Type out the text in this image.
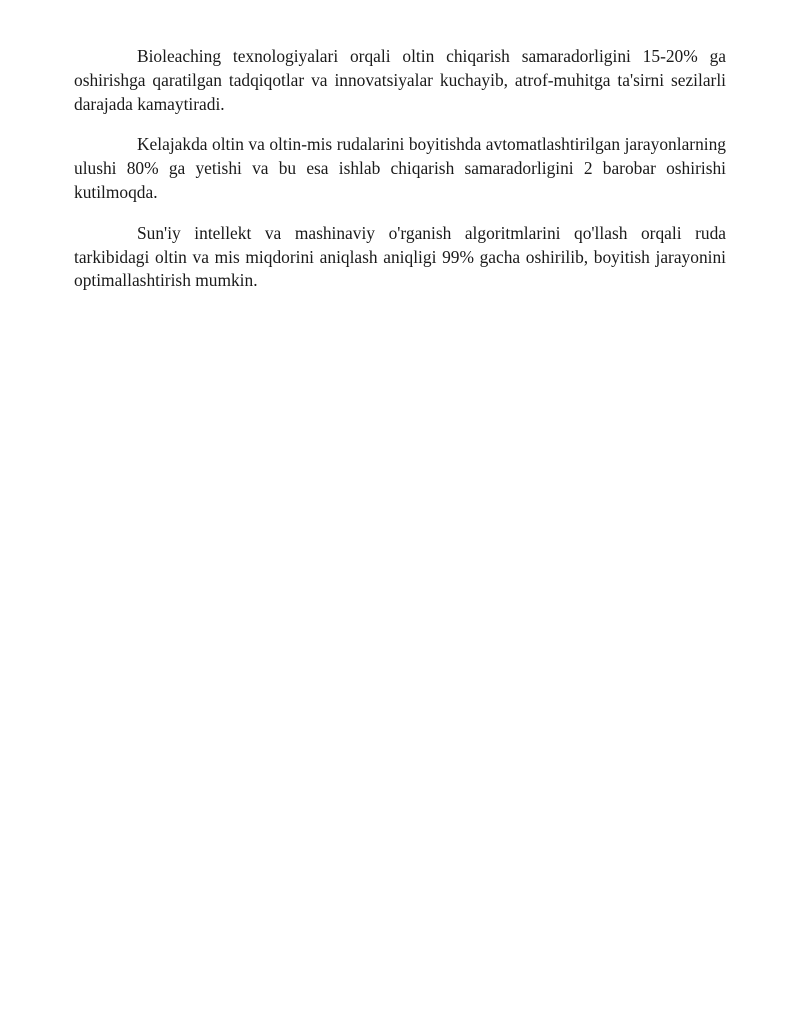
Bioleaching texnologiyalari orqali oltin chiqarish samaradorligini 15-20% ga oshirishga qaratilgan tadqiqotlar va innovatsiyalar kuchayib, atrof-muhitga ta'sirni sezilarli darajada kamaytiradi.

Kelajakda oltin va oltin-mis rudalarini boyitishda avtomatlashtirilgan jarayonlarning ulushi 80% ga yetishi va bu esa ishlab chiqarish samaradorligini 2 barobar oshirishi kutilmoqda.

Sun'iy intellekt va mashinaviy o'rganish algoritmlarini qo'llash orqali ruda tarkibidagi oltin va mis miqdorini aniqlash aniqligi 99% gacha oshirilib, boyitish jarayonini optimallashtirish mumkin.
